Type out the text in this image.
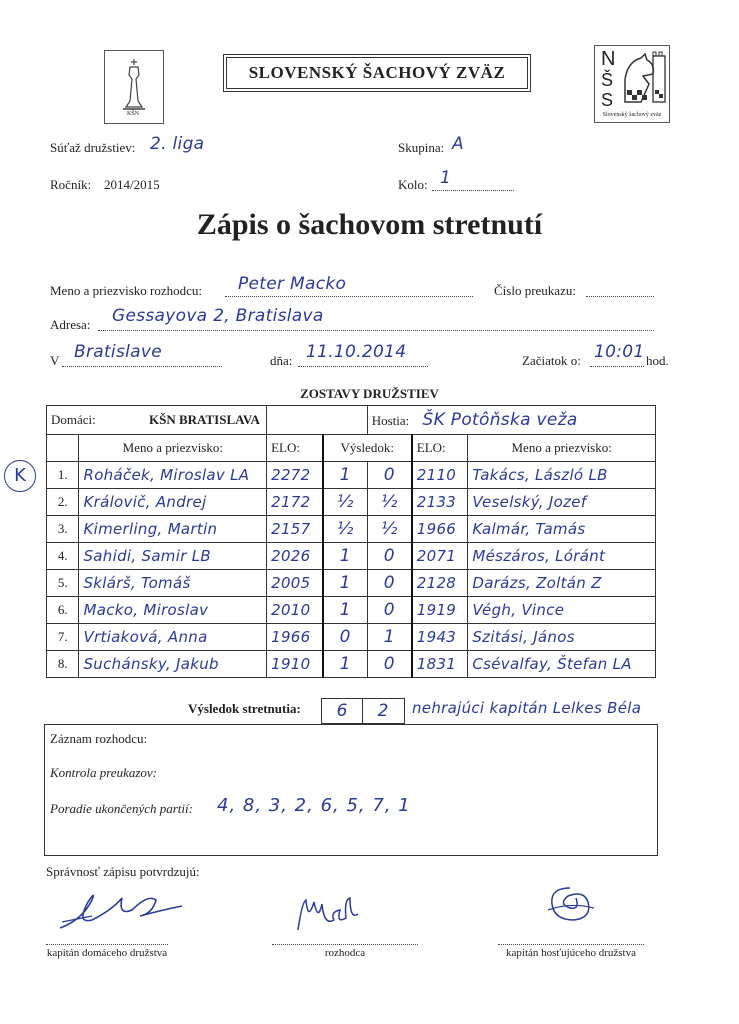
KŠN
SLOVENSKÝ ŠACHOVÝ ZVÄZ
N
Š
S
Slovenský šachový zväz
Súťaž družstiev: 2. liga	Skupina: A
Ročník: 2014/2015	Kolo: 1
Zápis o šachovom stretnutí
Meno a priezvisko rozhodcu: Peter Macko	Číslo preukazu:
Adresa: Gessayova 2, Bratislava
V Bratislave	dňa: 11.10.2014	Začiatok o: 10:01 hod.
ZOSTAVY DRUŽSTIEV
K
Domáci: KŠN BRATISLAVA				Hostia: ŠK Potôňska veža		
	Meno a priezvisko:	ELO:	Výsledok:		ELO:	Meno a priezvisko:
1.	Roháček, Miroslav LA	2272	1	0	2110	Takács, László LB
2.	Královič, Andrej	2172	½	½	2133	Veselský, Jozef
3.	Kimerling, Martin	2157	½	½	1966	Kalmár, Tamás
4.	Sahidi, Samir LB	2026	1	0	2071	Mészáros, Lóránt
5.	Sklárš, Tomáš	2005	1	0	2128	Darázs, Zoltán Z
6.	Macko, Miroslav	2010	1	0	1919	Végh, Vince
7.	Vrtiaková, Anna	1966	0	1	1943	Szitási, János
8.	Suchánsky, Jakub	1910	1	0	1831	Csévalfay, Štefan LA
Výsledok stretnutia:	6	2	nehrajúci kapitán Lelkes Béla
Záznam rozhodcu:
Kontrola preukazov:
Poradie ukončených partií: 4, 8, 3, 2, 6, 5, 7, 1
Správnosť zápisu potvrdzujú:
kapitán domáceho družstva	rozhodca	kapitán hosťujúceho družstva
